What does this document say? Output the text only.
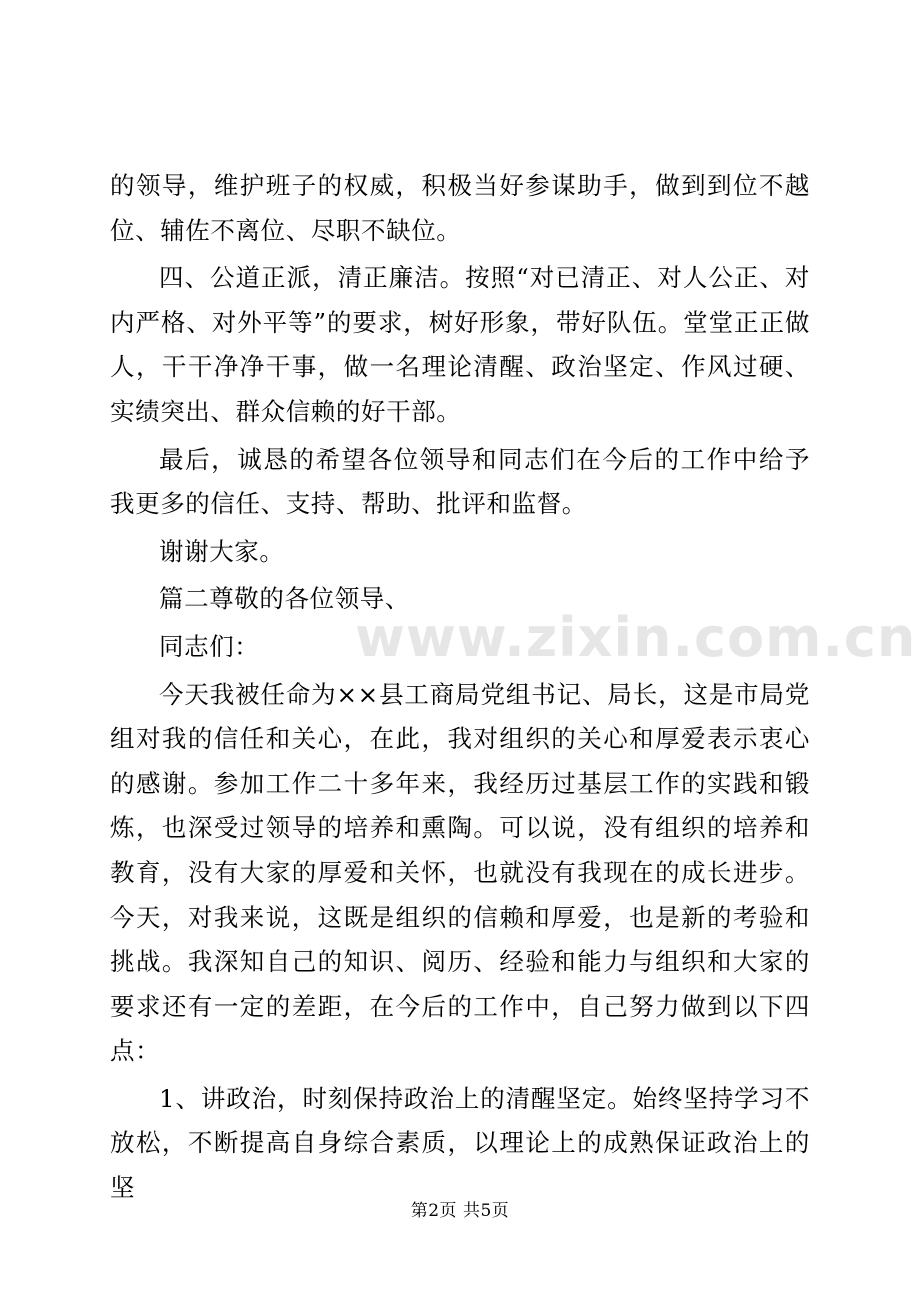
的领导，维护班子的权威，积极当好参谋助手，做到到位不越位、辅佐不离位、尽职不缺位。

四、公道正派，清正廉洁。按照“对已清正、对人公正、对内严格、对外平等”的要求，树好形象，带好队伍。堂堂正正做人，干干净净干事，做一名理论清醒、政治坚定、作风过硬、实绩突出、群众信赖的好干部。

最后，诚恳的希望各位领导和同志们在今后的工作中给予我更多的信任、支持、帮助、批评和监督。

谢谢大家。

篇二尊敬的各位领导、

同志们：

今天我被任命为××县工商局党组书记、局长，这是市局党组对我的信任和关心，在此，我对组织的关心和厚爱表示衷心的感谢。参加工作二十多年来，我经历过基层工作的实践和锻炼，也深受过领导的培养和熏陶。可以说，没有组织的培养和教育，没有大家的厚爱和关怀，也就没有我现在的成长进步。今天，对我来说，这既是组织的信赖和厚爱，也是新的考验和挑战。我深知自己的知识、阅历、经验和能力与组织和大家的要求还有一定的差距，在今后的工作中，自己努力做到以下四点：

1、讲政治，时刻保持政治上的清醒坚定。始终坚持学习不放松，不断提高自身综合素质，以理论上的成熟保证政治上的坚

www.zixin.com.cn
第2页 共5页
